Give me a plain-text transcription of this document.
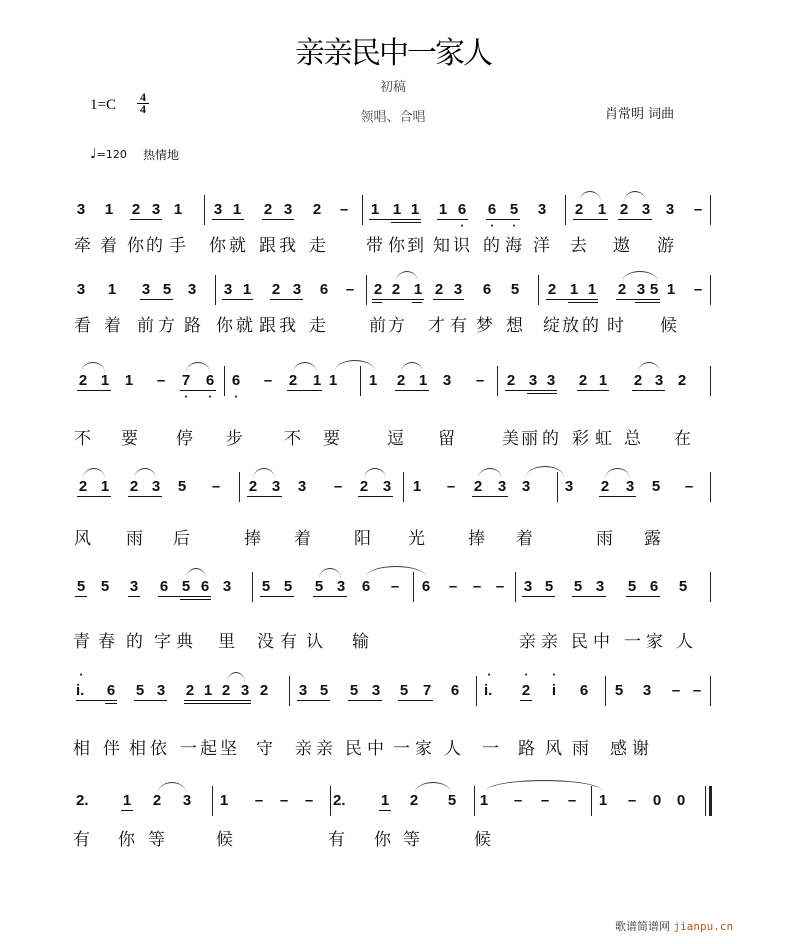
亲亲民中一家人
初稿
1=C 4
4
领唱、合唱	肖常明 词曲
♩=120 热情地
3 1 2 3 1 3 1 2 3 2 – 1 1 1 1 6
·
6
·
5
·
3 2 1 2 3 3 –
牵 着 你 的 手 你 就 跟 我 走 带 你 到 知 识 的 海 洋 去 遨 游
3 1 3 5 3 3 1 2 3 6 – 2 2 1 2 3 6 5 2 1 1 2 3 5 1 –
看 着 前 方 路 你 就 跟 我 走	前 方 才 有 梦 想 绽 放 的 时 候
2 1 1 – 7
·
6
·
6
·
– 2 1 1 1 2 1 3 – 2 3 3 2 1 2 3 2
不 要 停 步 不 要	逗 留	美 丽 的 彩 虹 总 在
2 1 2 3 5 – 2 3 3 – 2 3 1 – 2 3 3 3 2 3 5 –
风 雨 后	捧 着	阳 光	捧 着	雨 露
5 5 3 6 5 6 3 5 5 5 3 6 – 6 – – – 3 5 5 3 5 6 5
青 春 的 字 典 里 没 有 认 输	亲 亲 民 中 一 家 人
i.
·
6 5 3 2 1 2 3 2 3 5 5 3 5 7 6 i.
·
2
·
i
·
6 5 3 – –
相 伴 相 依 一 起 坚 守 亲 亲 民 中 一 家 人 一 路 风 雨 感 谢
2.	1 2 3 1 – – – 2.	1 2 5 1 – – – 1 – 0 0
有 你 等	候	有 你 等	候
歌谱简谱网 jianpu.cn
